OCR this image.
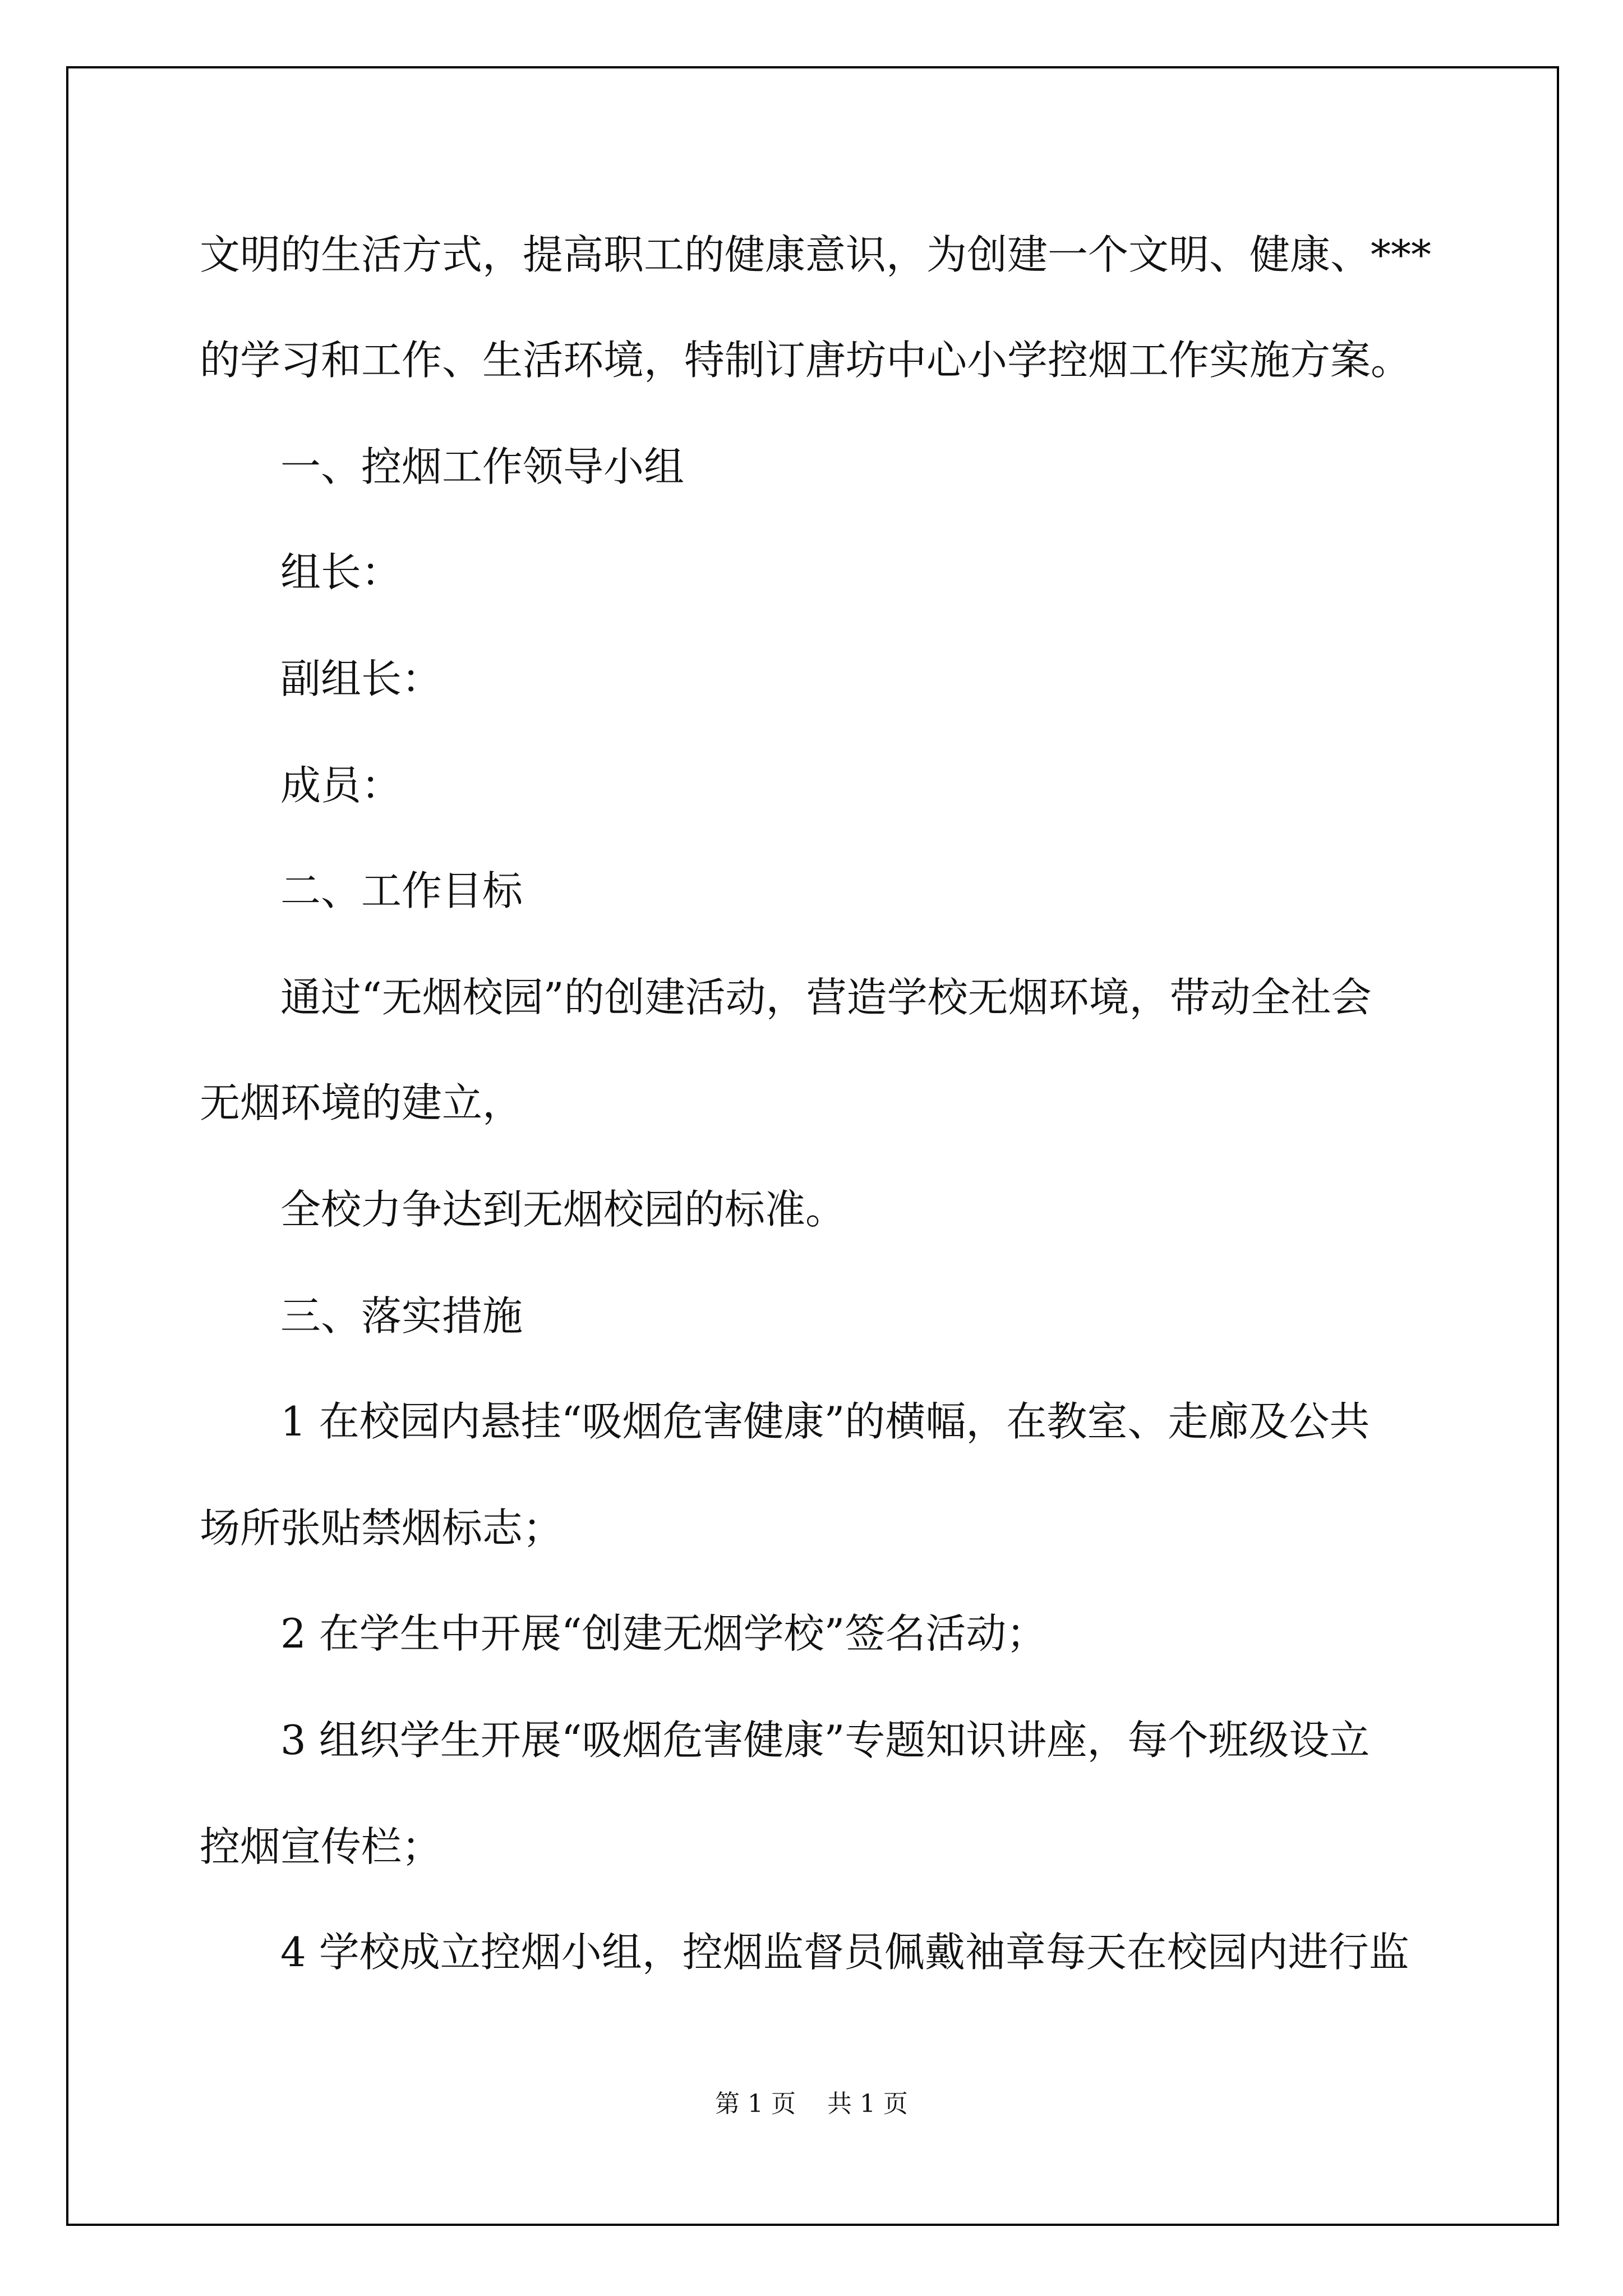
文明的生活方式，提高职工的健康意识，为创建一个文明、健康、***

的学习和工作、生活环境，特制订唐坊中心小学控烟工作实施方案。

一、控烟工作领导小组

组长：

副组长：

成员：

二、工作目标

通过“无烟校园”的创建活动，营造学校无烟环境，带动全社会

无烟环境的建立，

全校力争达到无烟校园的标准。

三、落实措施

1 在校园内悬挂“吸烟危害健康”的横幅，在教室、走廊及公共

场所张贴禁烟标志；

2 在学生中开展“创建无烟学校”签名活动；

3 组织学生开展“吸烟危害健康”专题知识讲座，每个班级设立

控烟宣传栏；

4 学校成立控烟小组，控烟监督员佩戴袖章每天在校园内进行监

第 1 页    共 1 页
